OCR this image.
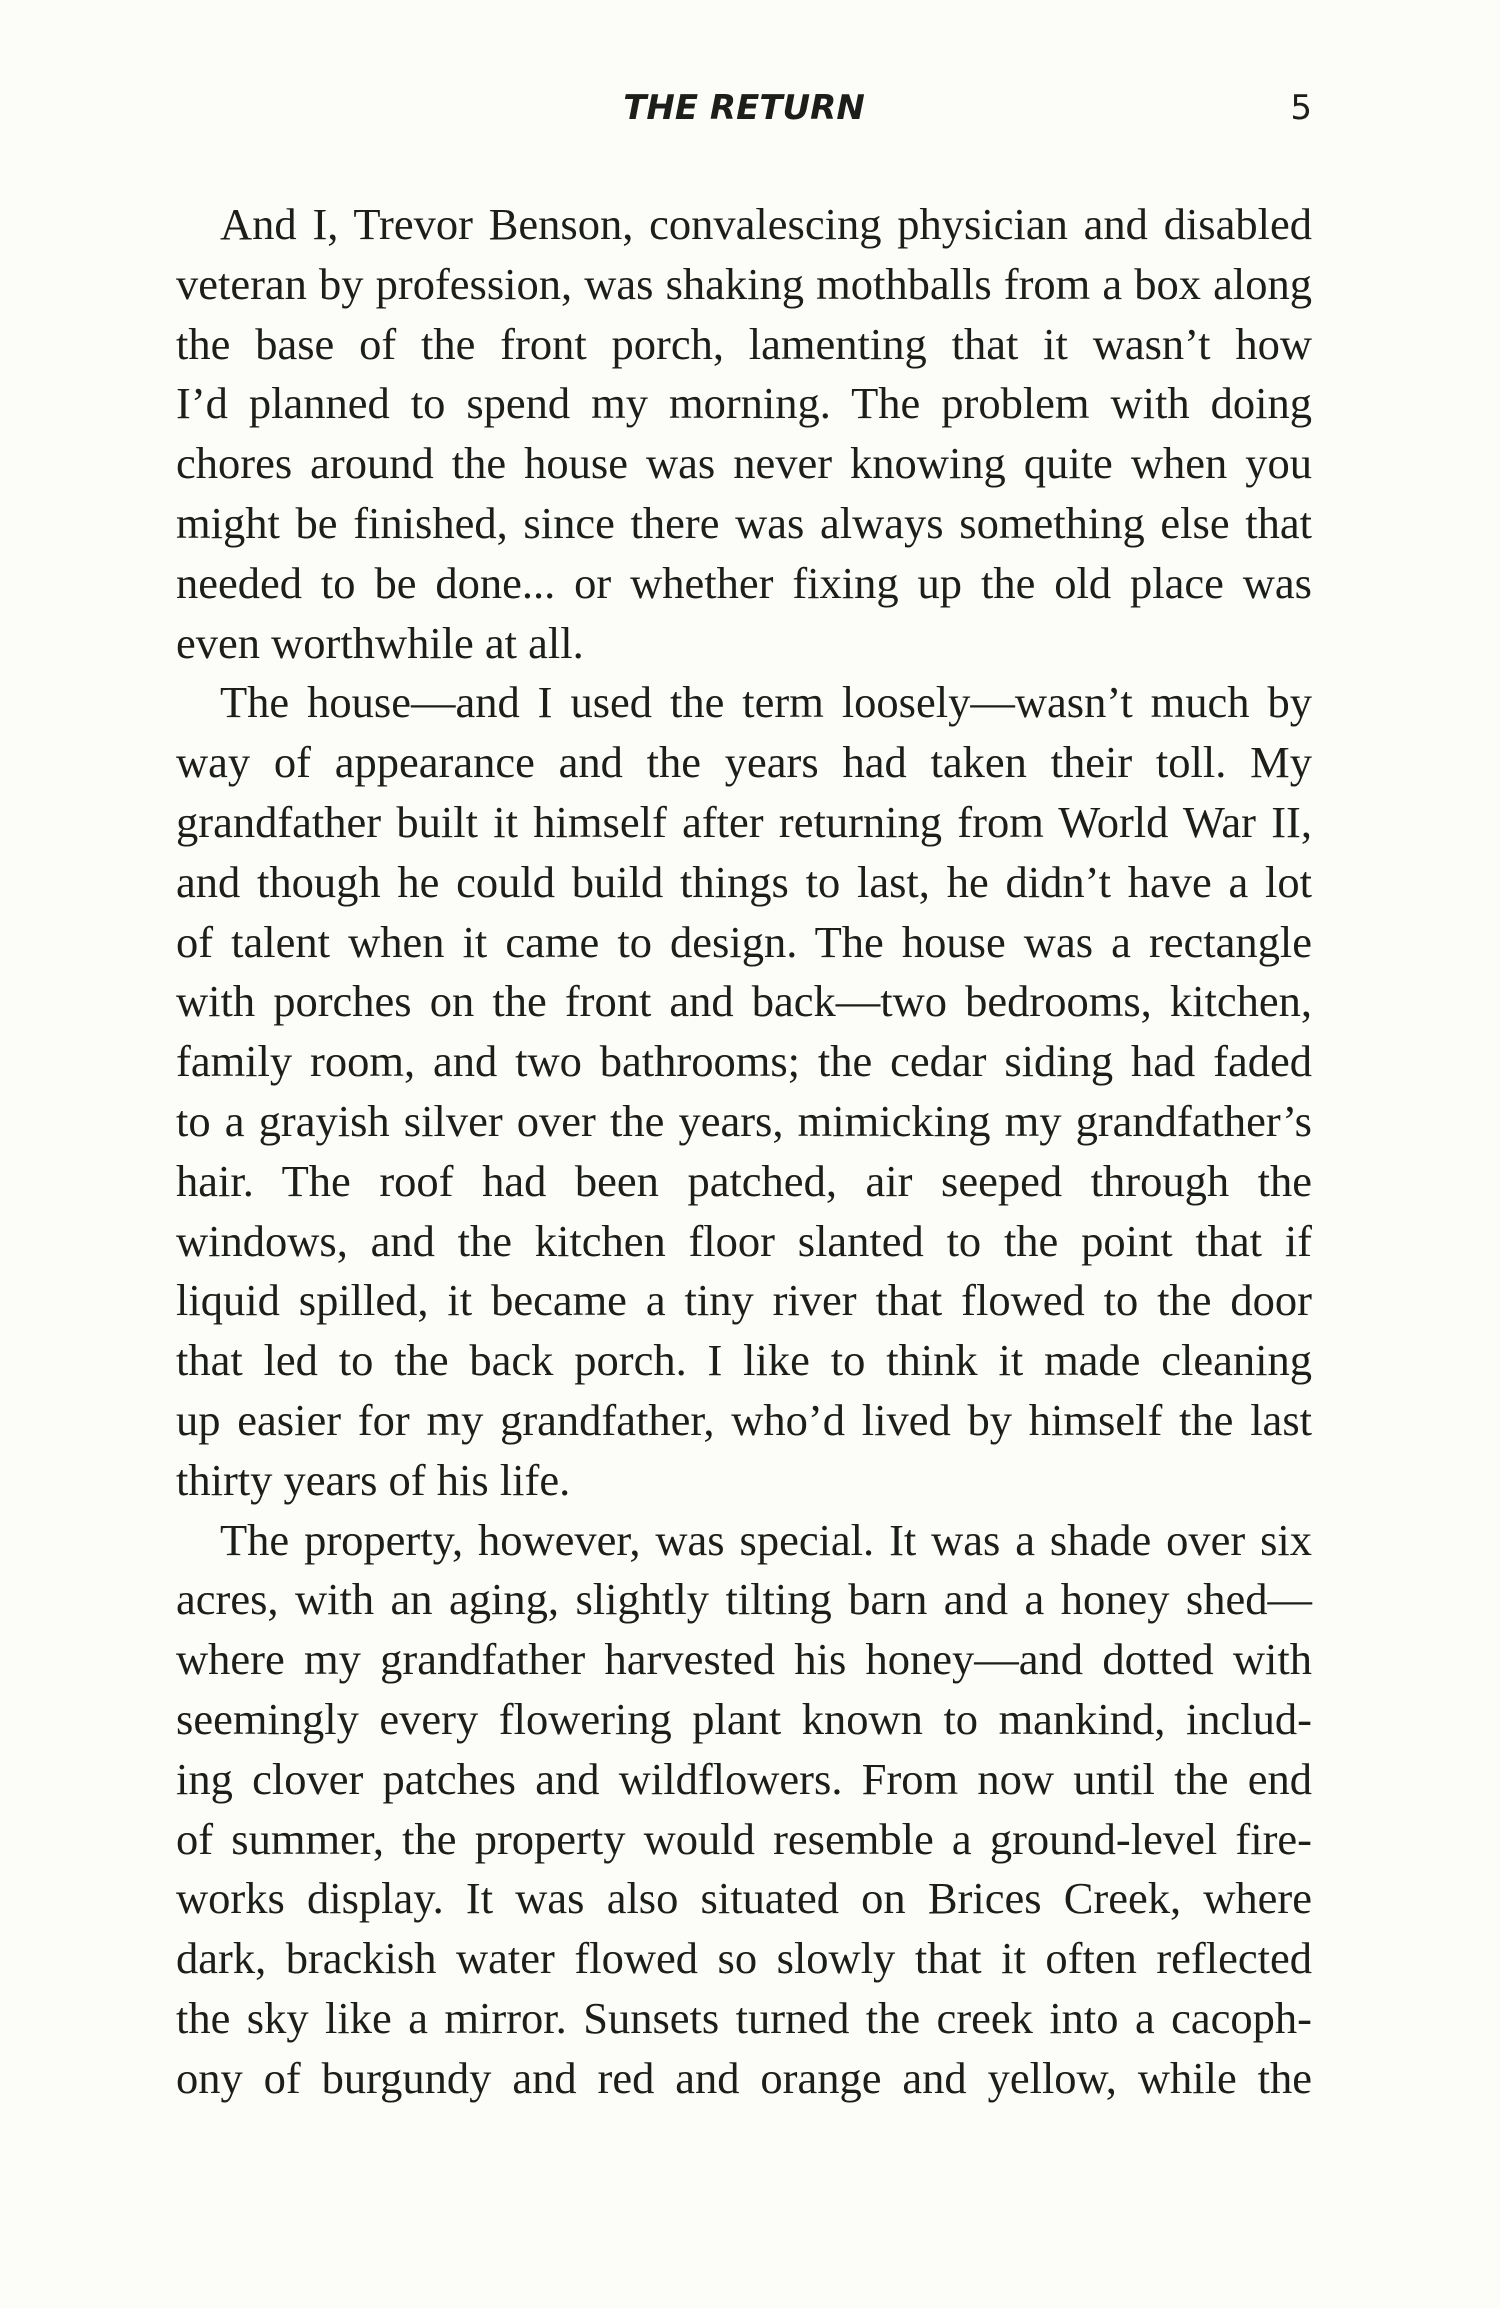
THE RETURN	5
And I, Trevor Benson, convalescing physician and disabled
veteran by profession, was shaking mothballs from a box along
the base of the front porch, lamenting that it wasn’t how
I’d planned to spend my morning. The problem with doing
chores around the house was never knowing quite when you
might be finished, since there was always something else that
needed to be done... or whether fixing up the old place was
even worthwhile at all.
The house—and I used the term loosely—wasn’t much by
way of appearance and the years had taken their toll. My
grandfather built it himself after returning from World War II,
and though he could build things to last, he didn’t have a lot
of talent when it came to design. The house was a rectangle
with porches on the front and back—two bedrooms, kitchen,
family room, and two bathrooms; the cedar siding had faded
to a grayish silver over the years, mimicking my grandfather’s
hair. The roof had been patched, air seeped through the
windows, and the kitchen floor slanted to the point that if
liquid spilled, it became a tiny river that flowed to the door
that led to the back porch. I like to think it made cleaning
up easier for my grandfather, who’d lived by himself the last
thirty years of his life.
The property, however, was special. It was a shade over six
acres, with an aging, slightly tilting barn and a honey shed—
where my grandfather harvested his honey—and dotted with
seemingly every flowering plant known to mankind, includ-
ing clover patches and wildflowers. From now until the end
of summer, the property would resemble a ground-level fire-
works display. It was also situated on Brices Creek, where
dark, brackish water flowed so slowly that it often reflected
the sky like a mirror. Sunsets turned the creek into a cacoph-
ony of burgundy and red and orange and yellow, while the
